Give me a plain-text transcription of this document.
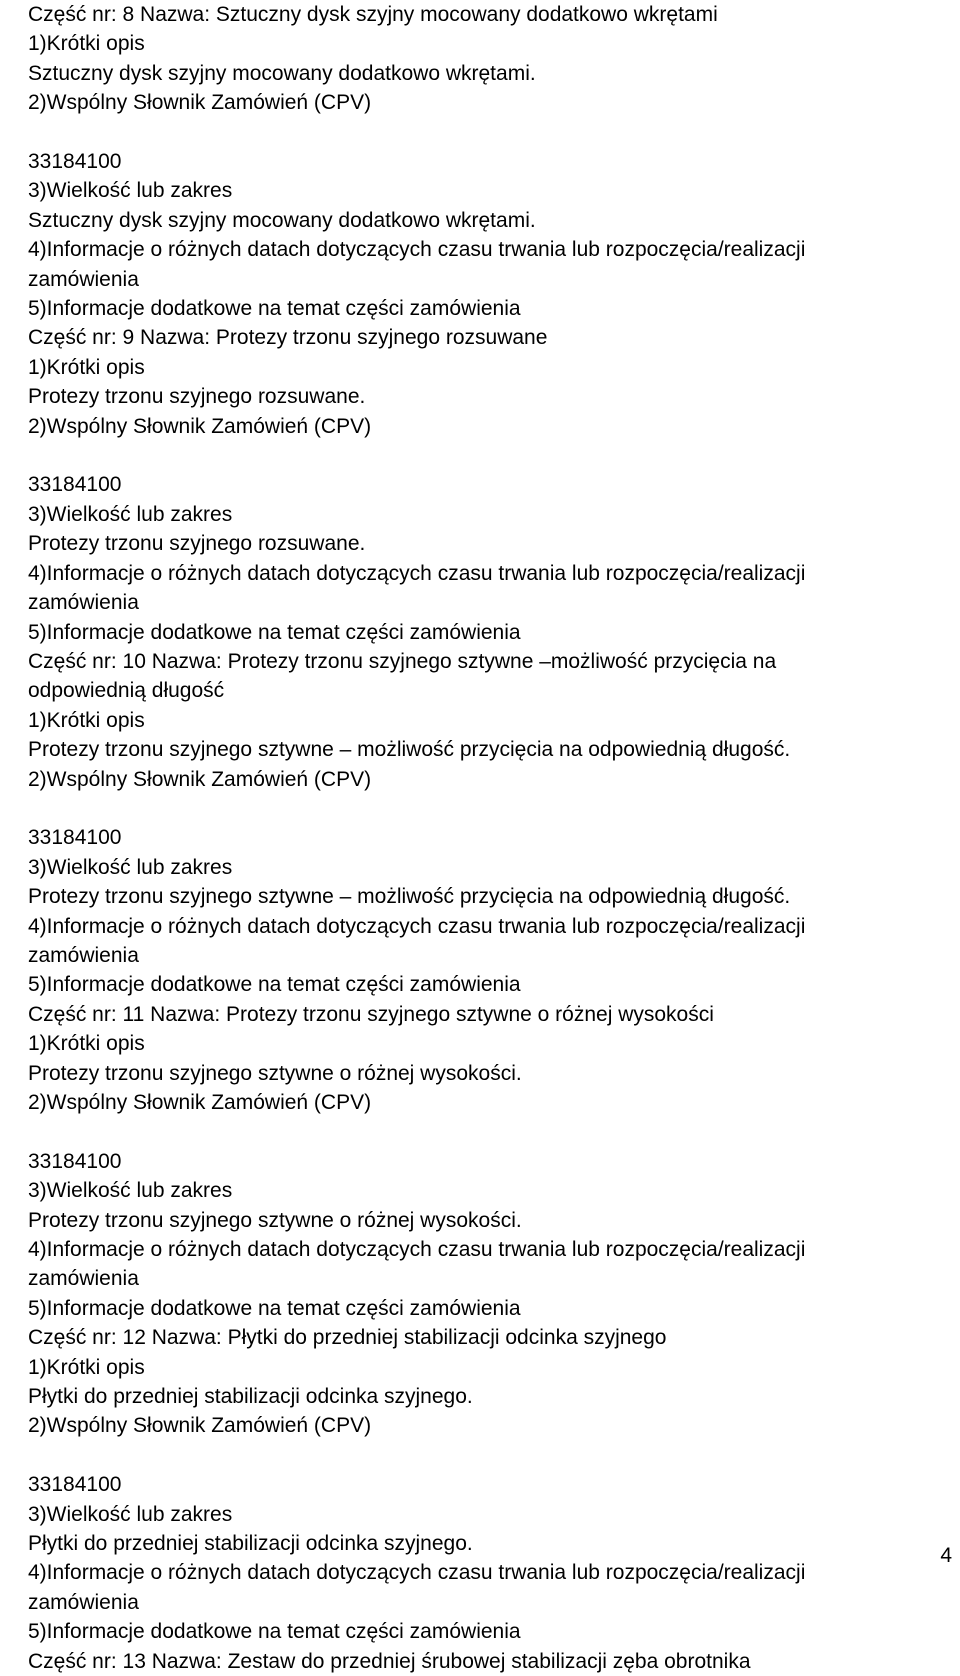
Część nr: 8 Nazwa: Sztuczny dysk szyjny mocowany dodatkowo wkrętami
1)Krótki opis
Sztuczny dysk szyjny mocowany dodatkowo wkrętami.
2)Wspólny Słownik Zamówień (CPV)
33184100
3)Wielkość lub zakres
Sztuczny dysk szyjny mocowany dodatkowo wkrętami.
4)Informacje o różnych datach dotyczących czasu trwania lub rozpoczęcia/realizacji
zamówienia
5)Informacje dodatkowe na temat części zamówienia
Część nr: 9 Nazwa: Protezy trzonu szyjnego rozsuwane
1)Krótki opis
Protezy trzonu szyjnego rozsuwane.
2)Wspólny Słownik Zamówień (CPV)
33184100
3)Wielkość lub zakres
Protezy trzonu szyjnego rozsuwane.
4)Informacje o różnych datach dotyczących czasu trwania lub rozpoczęcia/realizacji
zamówienia
5)Informacje dodatkowe na temat części zamówienia
Część nr: 10 Nazwa: Protezy trzonu szyjnego sztywne –możliwość przycięcia na
odpowiednią długość
1)Krótki opis
Protezy trzonu szyjnego sztywne – możliwość przycięcia na odpowiednią długość.
2)Wspólny Słownik Zamówień (CPV)
33184100
3)Wielkość lub zakres
Protezy trzonu szyjnego sztywne – możliwość przycięcia na odpowiednią długość.
4)Informacje o różnych datach dotyczących czasu trwania lub rozpoczęcia/realizacji
zamówienia
5)Informacje dodatkowe na temat części zamówienia
Część nr: 11 Nazwa: Protezy trzonu szyjnego sztywne o różnej wysokości
1)Krótki opis
Protezy trzonu szyjnego sztywne o różnej wysokości.
2)Wspólny Słownik Zamówień (CPV)
33184100
3)Wielkość lub zakres
Protezy trzonu szyjnego sztywne o różnej wysokości.
4)Informacje o różnych datach dotyczących czasu trwania lub rozpoczęcia/realizacji
zamówienia
5)Informacje dodatkowe na temat części zamówienia
Część nr: 12 Nazwa: Płytki do przedniej stabilizacji odcinka szyjnego
1)Krótki opis
Płytki do przedniej stabilizacji odcinka szyjnego.
2)Wspólny Słownik Zamówień (CPV)
33184100
3)Wielkość lub zakres
Płytki do przedniej stabilizacji odcinka szyjnego.
4)Informacje o różnych datach dotyczących czasu trwania lub rozpoczęcia/realizacji
zamówienia
5)Informacje dodatkowe na temat części zamówienia
Część nr: 13 Nazwa: Zestaw do przedniej śrubowej stabilizacji zęba obrotnika
4
